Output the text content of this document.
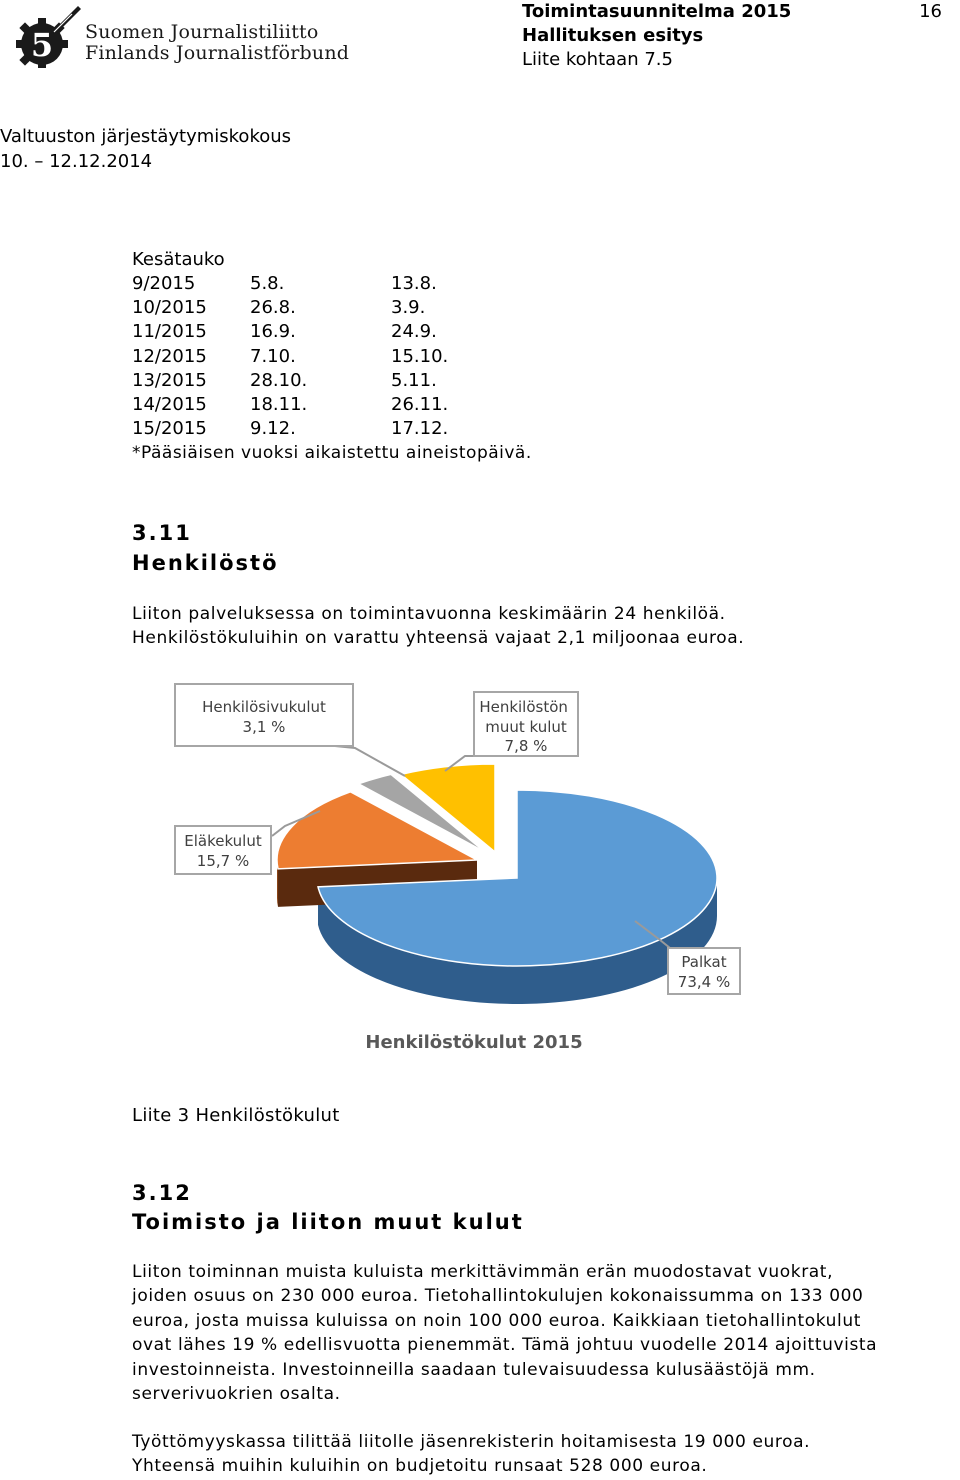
5 Suomen Journalistiliitto
Finlands Journalistförbund
Toimintasuunnitelma 2015
Hallituksen esitys
Liite kohtaan 7.5
16
Valtuuston järjestäytymiskokous
10. – 12.12.2014
Kesätauko
9/2015	5.8.	13.8.
10/2015 26.8.	3.9.
11/2015 16.9.	24.9.
12/2015 7.10.	15.10.
13/2015 28.10.	5.11.
14/2015 18.11.	26.11.
15/2015 9.12.	17.12.
*Pääsiäisen vuoksi aikaistettu aineistopäivä.
3.11
Henkilöstö

Liiton palveluksessa on toimintavuonna keskimäärin 24 henkilöä.

Henkilöstökuluihin on varattu yhteensä vajaat 2,1 miljoonaa euroa.

Henkilösivukulut
3,1 %
Henkilöstön muut kulut
7,8 %
Eläkekulut
15,7 %
Palkat
73,4 %
Henkilöstökulut 2015
Liite 3 Henkilöstökulut
3.12
Toimisto ja liiton muut kulut

Liiton toiminnan muista kuluista merkittävimmän erän muodostavat vuokrat,

joiden osuus on 230 000 euroa. Tietohallintokulujen kokonaissumma on 133 000

euroa, josta muissa kuluissa on noin 100 000 euroa. Kaikkiaan tietohallintokulut

ovat lähes 19 % edellisvuotta pienemmät. Tämä johtuu vuodelle 2014 ajoittuvista

investoinneista. Investoinneilla saadaan tulevaisuudessa kulusäästöjä mm.

serverivuokrien osalta.

Työttömyyskassa tilittää liitolle jäsenrekisterin hoitamisesta 19 000 euroa.

Yhteensä muihin kuluihin on budjetoitu runsaat 528 000 euroa.
